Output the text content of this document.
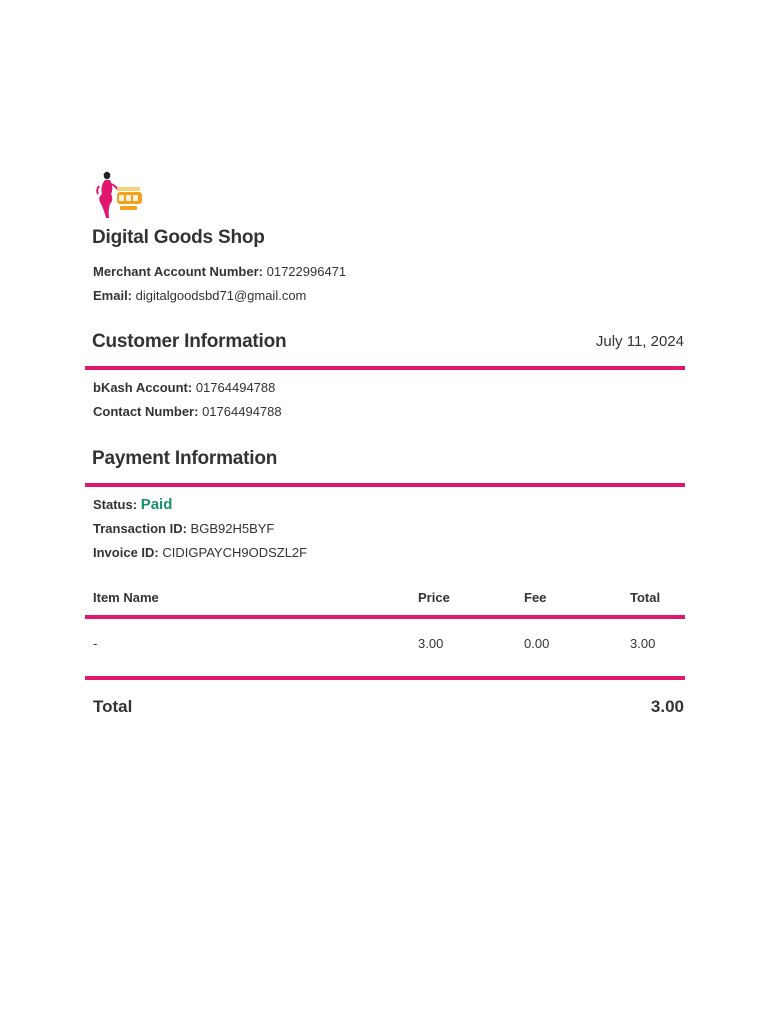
Digital Goods Shop
Merchant Account Number: 01722996471
Email: digitalgoodsbd71@gmail.com
Customer Information	July 11, 2024
bKash Account: 01764494788
Contact Number: 01764494788
Payment Information
Status: Paid
Transaction ID: BGB92H5BYF
Invoice ID: CIDIGPAYCH9ODSZL2F
Item Name	Price	Fee	Total
-	3.00	0.00	3.00
Total	3.00
